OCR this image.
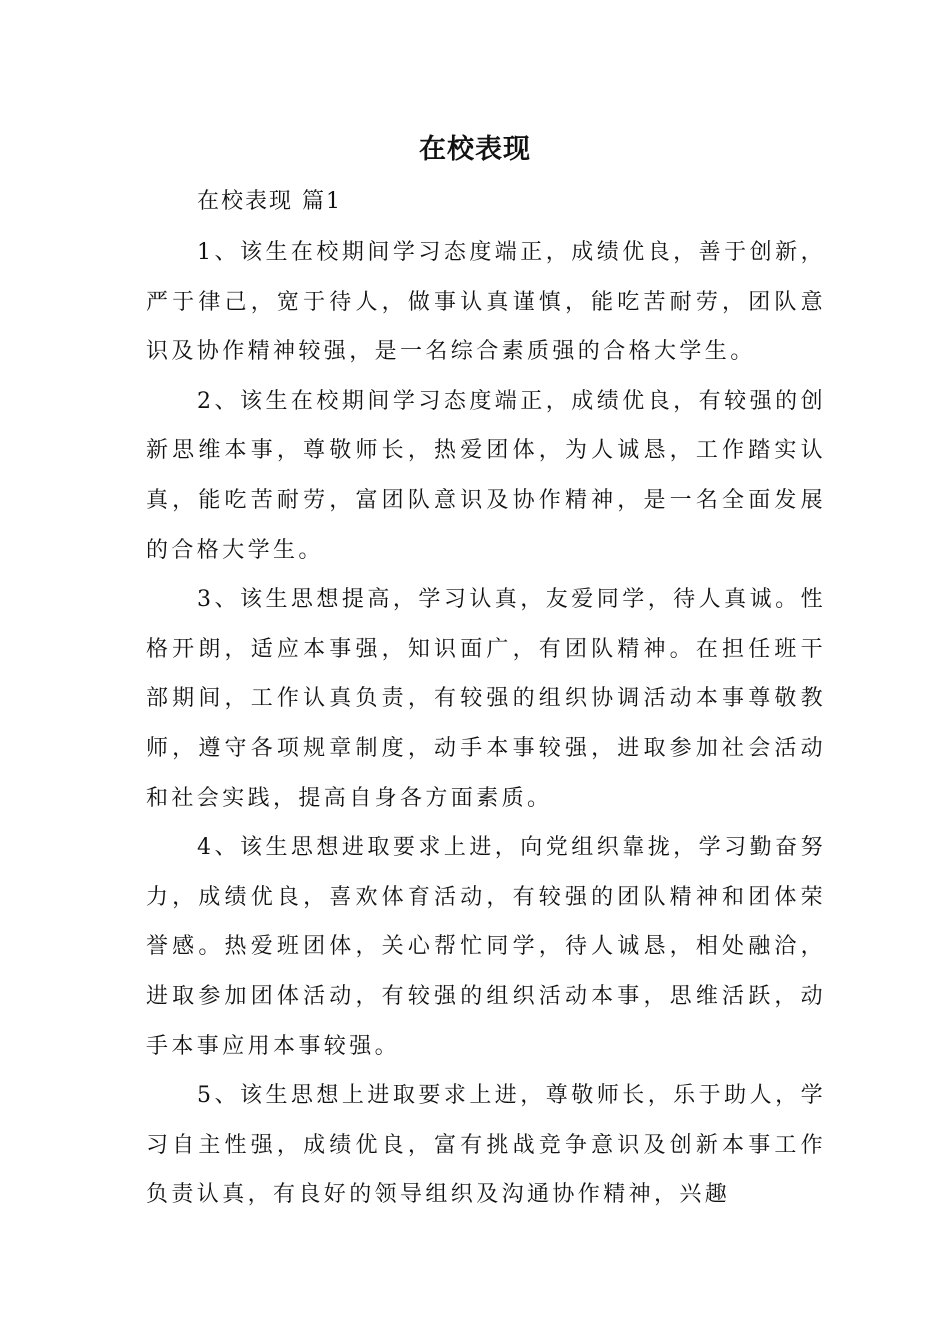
在校表现
在校表现 篇1

1、该生在校期间学习态度端正，成绩优良，善于创新，严于律己，宽于待人，做事认真谨慎，能吃苦耐劳，团队意识及协作精神较强，是一名综合素质强的合格大学生。

2、该生在校期间学习态度端正，成绩优良，有较强的创新思维本事，尊敬师长，热爱团体，为人诚恳，工作踏实认真，能吃苦耐劳，富团队意识及协作精神，是一名全面发展的合格大学生。

3、该生思想提高，学习认真，友爱同学，待人真诚。性格开朗，适应本事强，知识面广，有团队精神。在担任班干部期间，工作认真负责，有较强的组织协调活动本事尊敬教师，遵守各项规章制度，动手本事较强，进取参加社会活动和社会实践，提高自身各方面素质。

4、该生思想进取要求上进，向党组织靠拢，学习勤奋努力，成绩优良，喜欢体育活动，有较强的团队精神和团体荣誉感。热爱班团体，关心帮忙同学，待人诚恳，相处融洽，进取参加团体活动，有较强的组织活动本事，思维活跃，动手本事应用本事较强。

5、该生思想上进取要求上进，尊敬师长，乐于助人，学习自主性强，成绩优良，富有挑战竞争意识及创新本事工作负责认真，有良好的领导组织及沟通协作精神，兴趣
